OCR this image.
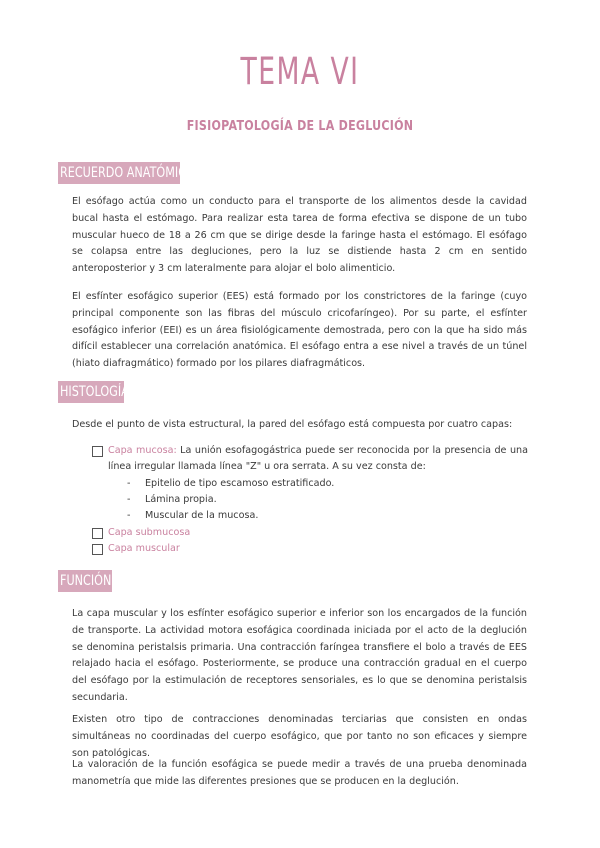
TEMA VI
FISIOPATOLOGÍA DE LA DEGLUCIÓN
RECUERDO ANATÓMICO

El esófago actúa como un conducto para el transporte de los alimentos desde la cavidad bucal hasta el estómago. Para realizar esta tarea de forma efectiva se dispone de un tubo muscular hueco de 18 a 26 cm que se dirige desde la faringe hasta el estómago. El esófago se colapsa entre las degluciones, pero la luz se distiende hasta 2 cm en sentido anteroposterior y 3 cm lateralmente para alojar el bolo alimenticio.

El esfínter esofágico superior (EES) está formado por los constrictores de la faringe (cuyo principal componente son las fibras del músculo cricofaríngeo). Por su parte, el esfínter esofágico inferior (EEI) es un área fisiológicamente demostrada, pero con la que ha sido más difícil establecer una correlación anatómica. El esófago entra a ese nivel a través de un túnel (hiato diafragmático) formado por los pilares diafragmáticos.

HISTOLOGÍA

Desde el punto de vista estructural, la pared del esófago está compuesta por cuatro capas:

Capa mucosa: La unión esofagogástrica puede ser reconocida por la presencia de una línea irregular llamada línea "Z" u ora serrata. A su vez consta de:
- Epitelio de tipo escamoso estratificado.
- Lámina propia.
- Muscular de la mucosa.
Capa submucosa
Capa muscular
FUNCIÓN

La capa muscular y los esfínter esofágico superior e inferior son los encargados de la función de transporte. La actividad motora esofágica coordinada iniciada por el acto de la deglución se denomina peristalsis primaria. Una contracción faríngea transfiere el bolo a través de EES relajado hacia el esófago. Posteriormente, se produce una contracción gradual en el cuerpo del esófago por la estimulación de receptores sensoriales, es lo que se denomina peristalsis secundaria.

Existen otro tipo de contracciones denominadas terciarias que consisten en ondas simultáneas no coordinadas del cuerpo esofágico, que por tanto no son eficaces y siempre son patológicas.

La valoración de la función esofágica se puede medir a través de una prueba denominada manometría que mide las diferentes presiones que se producen en la deglución.
